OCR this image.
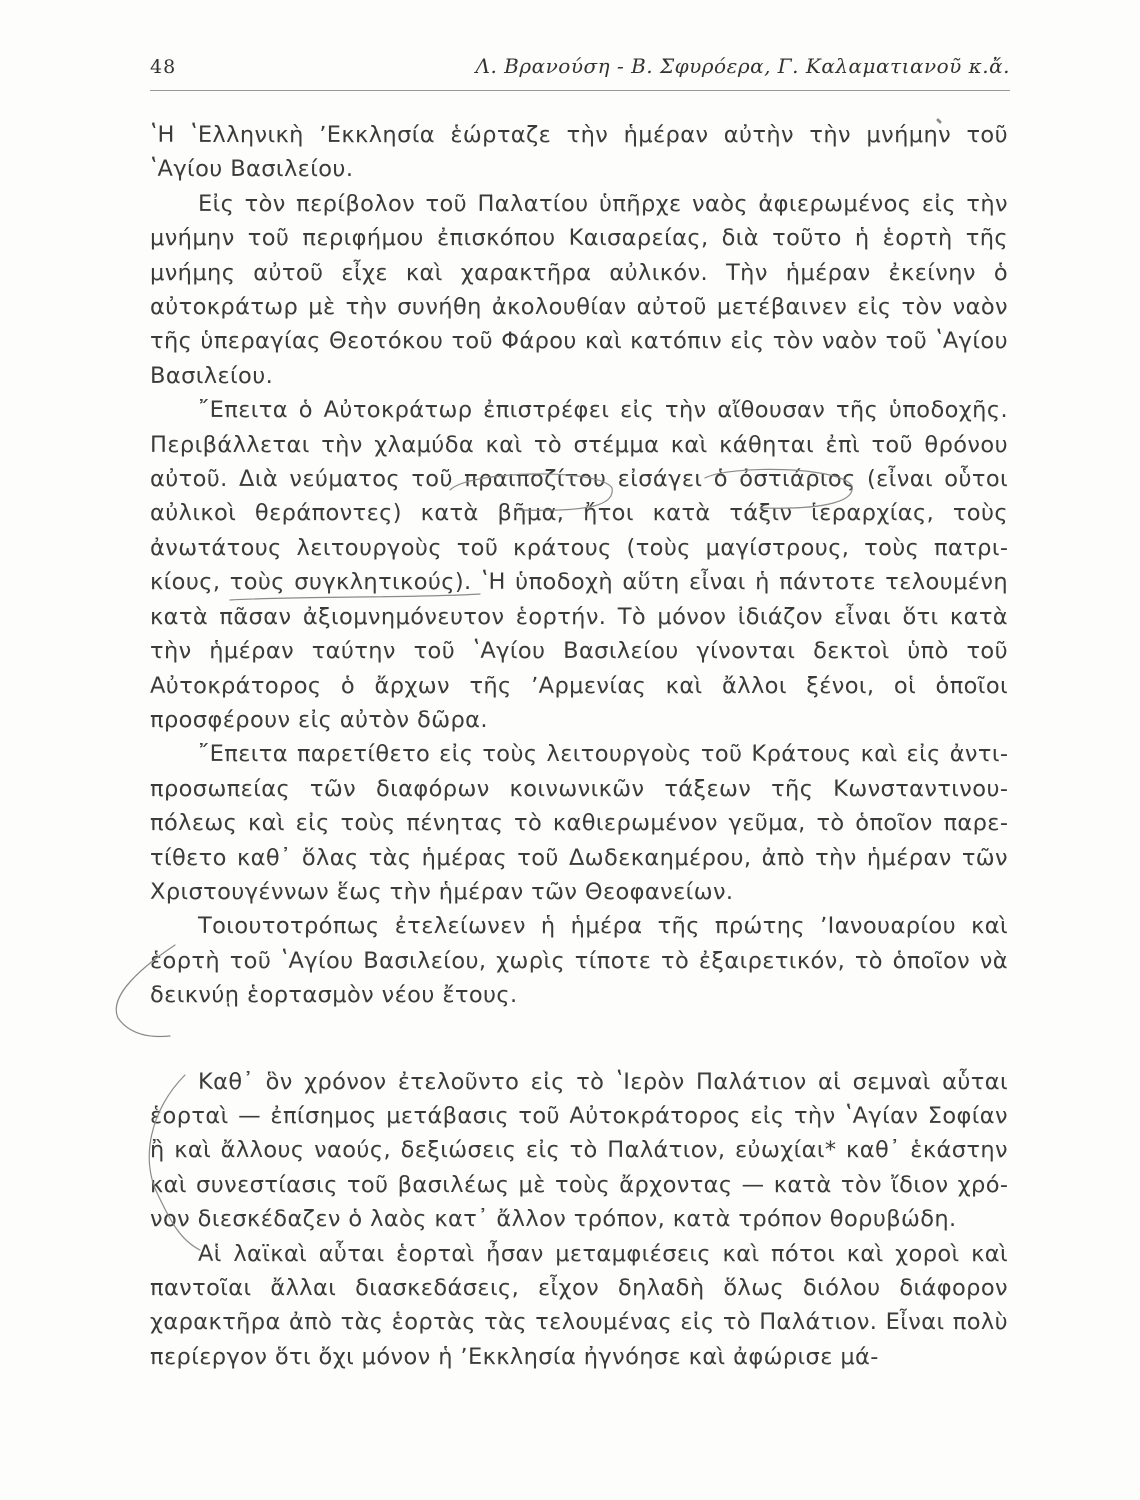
48	Λ. Βρανούση - Β. Σφυρόερα, Γ. Καλαματιανοῦ κ.ἄ.

ʽΗ ʽΕλληνικὴ ʼΕκκλησία ἑώρταζε τὴν ἡμέραν αὐτὴν τὴν μνήμην τοῦ ʽΑγίου Βασιλείου.

Εἰς τὸν περίβολον τοῦ Παλατίου ὑπῆρχε ναὸς ἀφιερωμένος εἰς τὴν μνήμην τοῦ περιφήμου ἐπισκόπου Καισαρείας, διὰ τοῦτο ἡ ἑορτὴ τῆς μνήμης αὐτοῦ εἶχε καὶ χαρακτῆρα αὐλικόν. Τὴν ἡμέραν ἐκείνην ὁ αὐτοκράτωρ μὲ τὴν συνήθη ἀκολουθίαν αὐτοῦ μετέβαινεν εἰς τὸν ναὸν τῆς ὑπεραγίας Θεοτόκου τοῦ Φάρου καὶ κατόπιν εἰς τὸν ναὸν τοῦ ʽΑγίου Βασιλείου.

῎Επειτα ὁ Αὐτοκράτωρ ἐπιστρέφει εἰς τὴν αἴθουσαν τῆς ὑποδοχῆς. Περιβάλλεται τὴν χλαμύδα καὶ τὸ στέμμα καὶ κάθηται ἐπὶ τοῦ θρόνου αὐτοῦ. Διὰ νεύματος τοῦ πραιποζίτου εἰσάγει ὁ ὀστιάριος (εἶναι οὗτοι αὐλικοὶ θεράποντες) κατὰ βῆμα, ἤτοι κατὰ τάξιν ἱεραρχίας, τοὺς ἀνωτάτους λειτουργοὺς τοῦ κράτους (τοὺς μαγίστρους, τοὺς πατρικίους, τοὺς συγκλητικούς). ʽΗ ὑποδοχὴ αὕτη εἶναι ἡ πάντοτε τελουμένη κατὰ πᾶσαν ἀξιομνημόνευτον ἑορτήν. Τὸ μόνον ἰδιάζον εἶναι ὅτι κατὰ τὴν ἡμέραν ταύτην τοῦ ʽΑγίου Βασιλείου γίνονται δεκτοὶ ὑπὸ τοῦ Αὐτοκράτορος ὁ ἄρχων τῆς ʼΑρμενίας καὶ ἄλλοι ξένοι, οἱ ὁποῖοι προσφέρουν εἰς αὐτὸν δῶρα.

῎Επειτα παρετίθετο εἰς τοὺς λειτουργοὺς τοῦ Κράτους καὶ εἰς ἀντιπροσωπείας τῶν διαφόρων κοινωνικῶν τάξεων τῆς Κωνσταντινουπόλεως καὶ εἰς τοὺς πένητας τὸ καθιερωμένον γεῦμα, τὸ ὁποῖον παρετίθετο καθ᾽ ὅλας τὰς ἡμέρας τοῦ Δωδεκαημέρου, ἀπὸ τὴν ἡμέραν τῶν Χριστουγέννων ἕως τὴν ἡμέραν τῶν Θεοφανείων.

Τοιουτοτρόπως ἐτελείωνεν ἡ ἡμέρα τῆς πρώτης ʼΙανουαρίου καὶ ἑορτὴ τοῦ ʽΑγίου Βασιλείου, χωρὶς τίποτε τὸ ἐξαιρετικόν, τὸ ὁποῖον νὰ δεικνύῃ ἑορτασμὸν νέου ἔτους.

Καθ᾽ ὃν χρόνον ἐτελοῦντο εἰς τὸ ʽΙερὸν Παλάτιον αἱ σεμναὶ αὗται ἑορταὶ — ἐπίσημος μετάβασις τοῦ Αὐτοκράτορος εἰς τὴν ʽΑγίαν Σοφίαν ἢ καὶ ἄλλους ναούς, δεξιώσεις εἰς τὸ Παλάτιον, εὐωχίαι* καθ᾽ ἑκάστην καὶ συνεστίασις τοῦ βασιλέως μὲ τοὺς ἄρχοντας — κατὰ τὸν ἴδιον χρόνον διεσκέδαζεν ὁ λαὸς κατ᾽ ἄλλον τρόπον, κατὰ τρόπον θορυβώδη.

Αἱ λαϊκαὶ αὗται ἑορταὶ ἦσαν μεταμφιέσεις καὶ πότοι καὶ χοροὶ καὶ παντοῖαι ἄλλαι διασκεδάσεις, εἶχον δηλαδὴ ὅλως διόλου διάφορον χαρακτῆρα ἀπὸ τὰς ἑορτὰς τὰς τελουμένας εἰς τὸ Παλάτιον. Εἶναι πολὺ περίεργον ὅτι ὄχι μόνον ἡ ʼΕκκλησία ἠγνόησε καὶ ἀφώρισε μά-
